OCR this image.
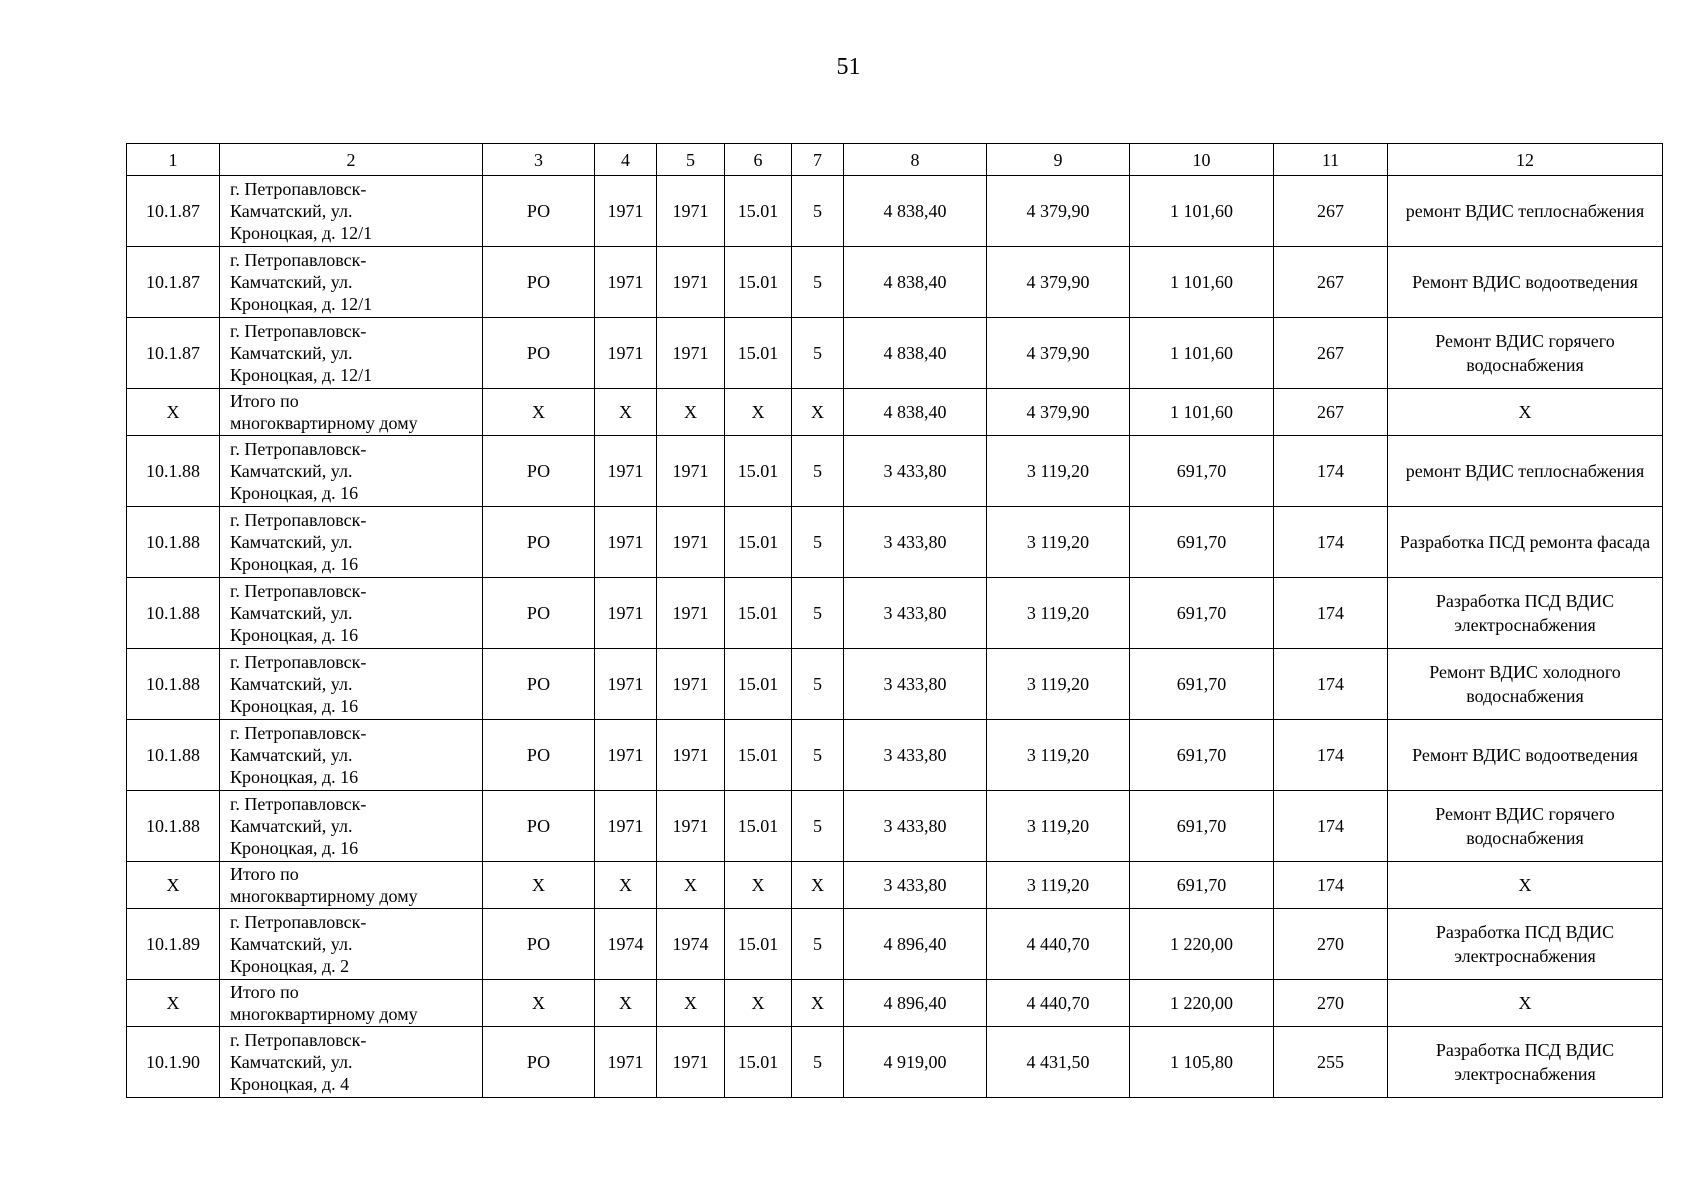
51
1	2	3	4	5	6	7	8	9	10	11	12
10.1.87	г. Петропавловск-
Камчатский, ул.
Кроноцкая, д. 12/1	РО	1971	1971	15.01	5	4 838,40	4 379,90	1 101,60	267	ремонт ВДИС теплоснабжения
10.1.87	г. Петропавловск-
Камчатский, ул.
Кроноцкая, д. 12/1	РО	1971	1971	15.01	5	4 838,40	4 379,90	1 101,60	267	Ремонт ВДИС водоотведения
10.1.87	г. Петропавловск-
Камчатский, ул.
Кроноцкая, д. 12/1	РО	1971	1971	15.01	5	4 838,40	4 379,90	1 101,60	267	Ремонт ВДИС горячего водоснабжения
Х	Итого по
многоквартирному дому	Х	Х	Х	Х	Х	4 838,40	4 379,90	1 101,60	267	Х
10.1.88	г. Петропавловск-
Камчатский, ул.
Кроноцкая, д. 16	РО	1971	1971	15.01	5	3 433,80	3 119,20	691,70	174	ремонт ВДИС теплоснабжения
10.1.88	г. Петропавловск-
Камчатский, ул.
Кроноцкая, д. 16	РО	1971	1971	15.01	5	3 433,80	3 119,20	691,70	174	Разработка ПСД ремонта фасада
10.1.88	г. Петропавловск-
Камчатский, ул.
Кроноцкая, д. 16	РО	1971	1971	15.01	5	3 433,80	3 119,20	691,70	174	Разработка ПСД ВДИС электроснабжения
10.1.88	г. Петропавловск-
Камчатский, ул.
Кроноцкая, д. 16	РО	1971	1971	15.01	5	3 433,80	3 119,20	691,70	174	Ремонт ВДИС холодного водоснабжения
10.1.88	г. Петропавловск-
Камчатский, ул.
Кроноцкая, д. 16	РО	1971	1971	15.01	5	3 433,80	3 119,20	691,70	174	Ремонт ВДИС водоотведения
10.1.88	г. Петропавловск-
Камчатский, ул.
Кроноцкая, д. 16	РО	1971	1971	15.01	5	3 433,80	3 119,20	691,70	174	Ремонт ВДИС горячего водоснабжения
Х	Итого по
многоквартирному дому	Х	Х	Х	Х	Х	3 433,80	3 119,20	691,70	174	Х
10.1.89	г. Петропавловск-
Камчатский, ул.
Кроноцкая, д. 2	РО	1974	1974	15.01	5	4 896,40	4 440,70	1 220,00	270	Разработка ПСД ВДИС электроснабжения
Х	Итого по
многоквартирному дому	Х	Х	Х	Х	Х	4 896,40	4 440,70	1 220,00	270	Х
10.1.90	г. Петропавловск-
Камчатский, ул.
Кроноцкая, д. 4	РО	1971	1971	15.01	5	4 919,00	4 431,50	1 105,80	255	Разработка ПСД ВДИС электроснабжения
